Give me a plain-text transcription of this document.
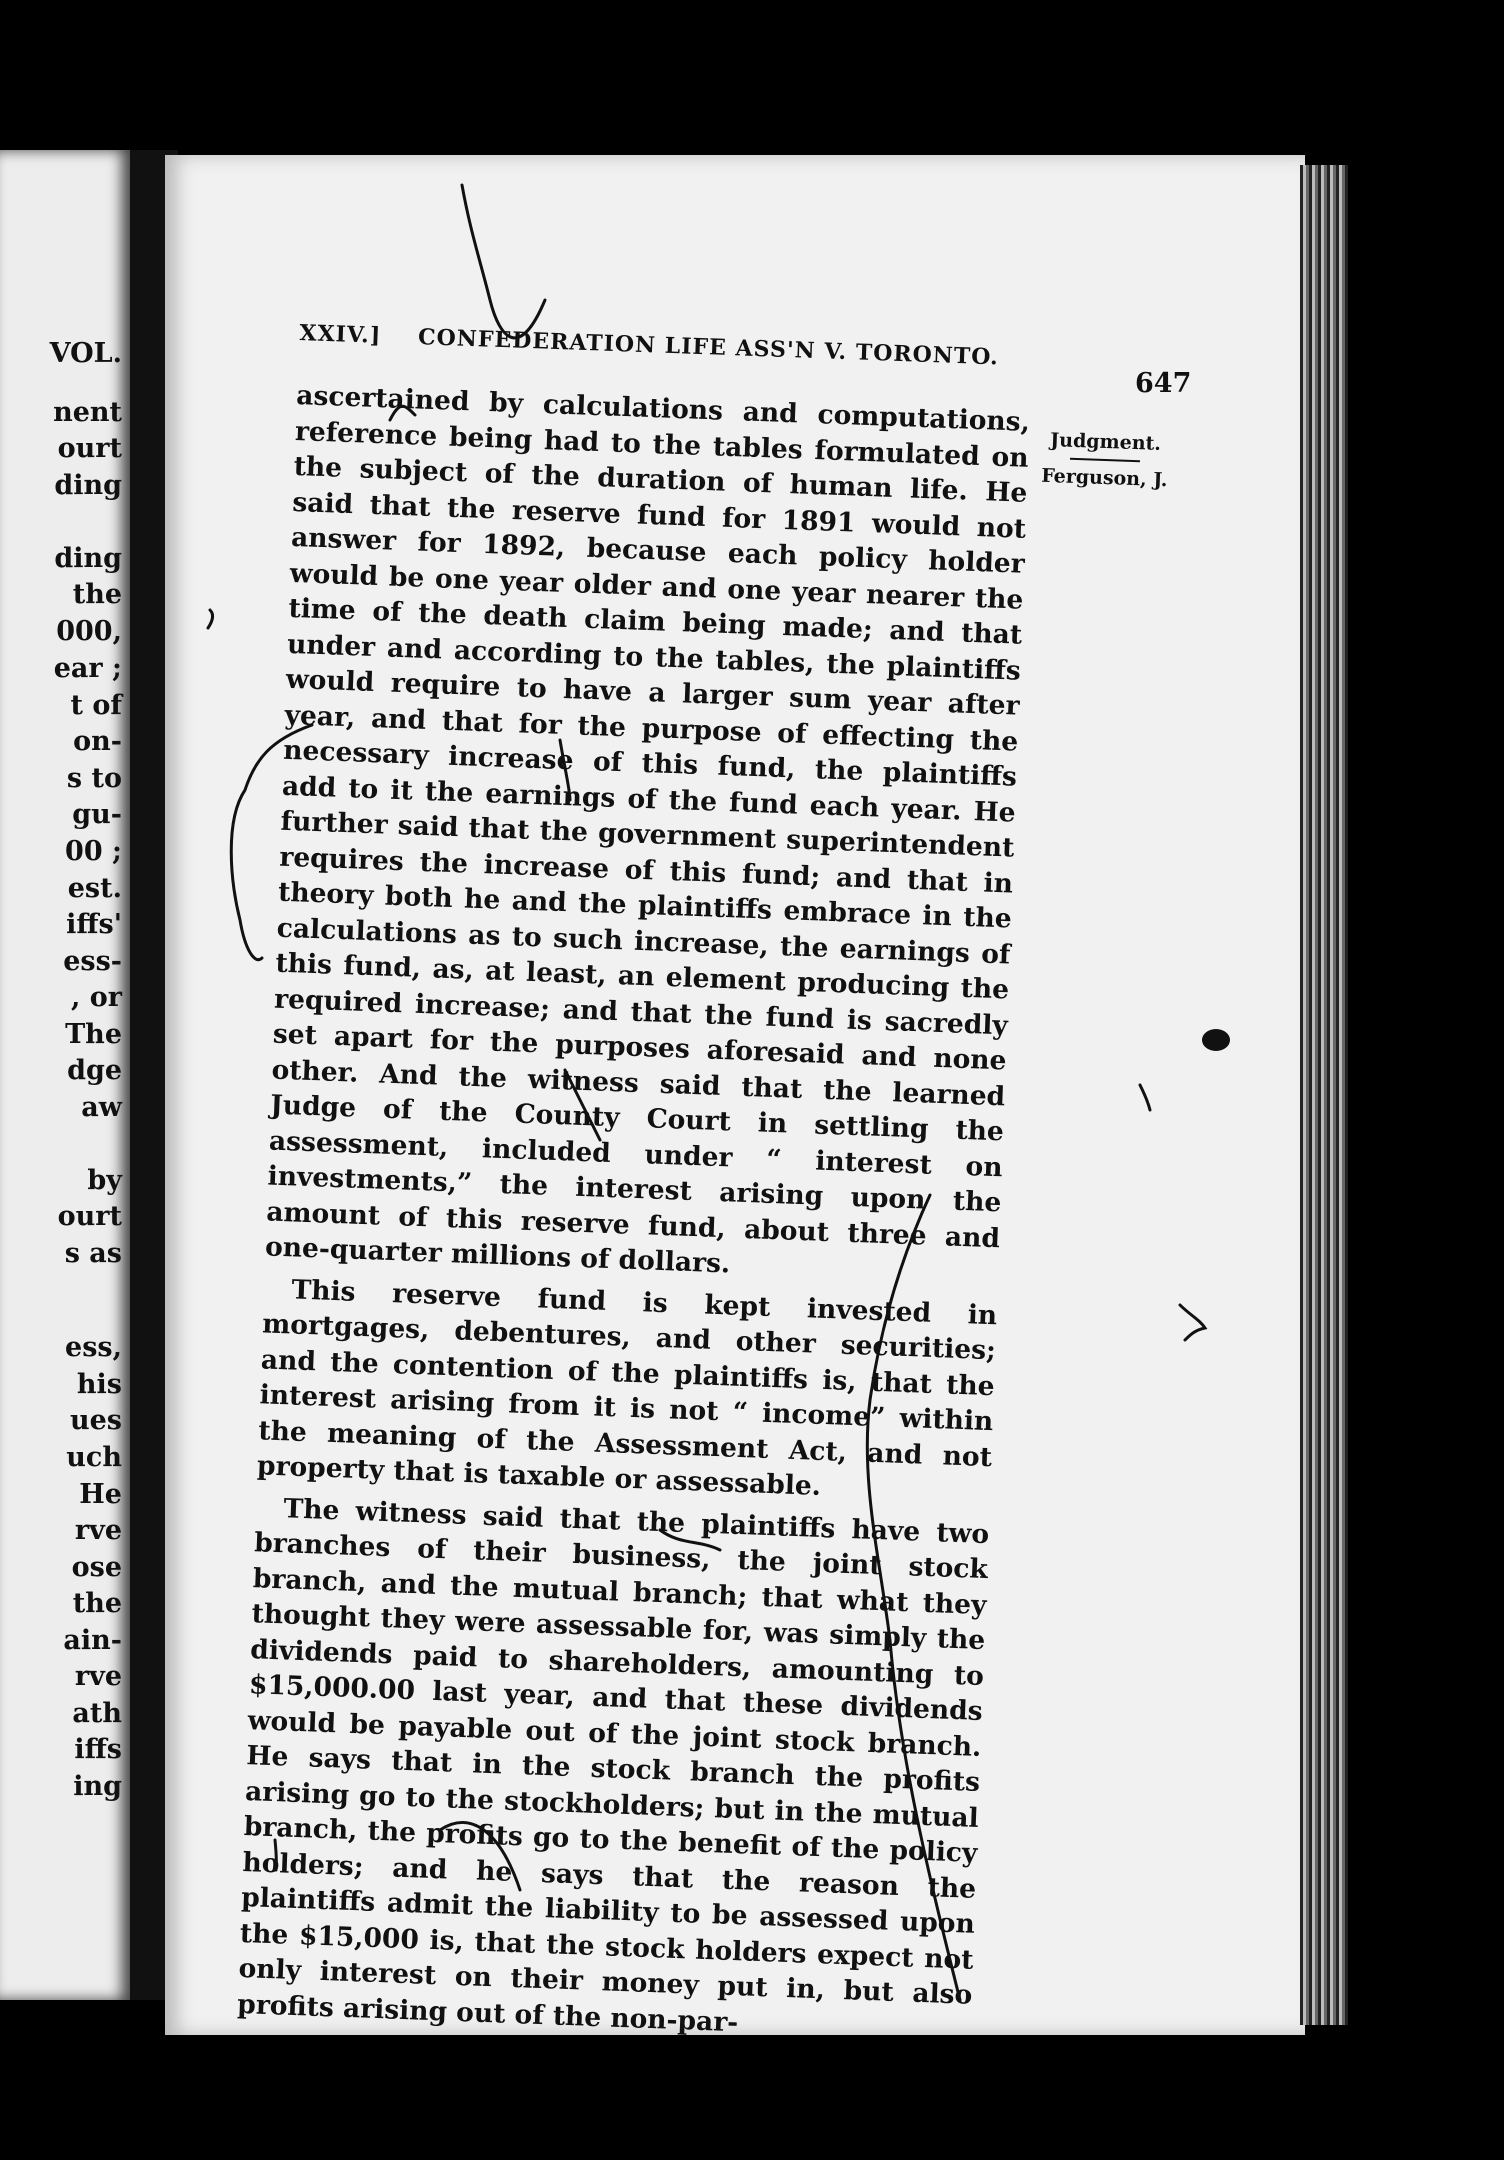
VOL.
nent
ourt
ding
ding
the
000,
ear ;
t of
on-
s to
gu-
00 ;
est.
iffs'
ess-
, or
The
dge
aw
by
ourt
s as
ess,
his
ues
uch
He
rve
ose
the
ain-
rve
ath
iffs
ing
XXIV.] CONFEDERATION LIFE ASS'N V. TORONTO.
647
Judgment.
Ferguson, J.

ascertained by calculations and computations, reference being had to the tables formulated on the subject of the duration of human life. He said that the reserve fund for 1891 would not answer for 1892, because each policy holder would be one year older and one year nearer the time of the death claim being made; and that under and according to the tables, the plaintiffs would require to have a larger sum year after year, and that for the purpose of effecting the necessary increase of this fund, the plaintiffs add to it the earnings of the fund each year. He further said that the government superintendent requires the increase of this fund; and that in theory both he and the plaintiffs embrace in the calculations as to such increase, the earnings of this fund, as, at least, an element producing the required increase; and that the fund is sacredly set apart for the purposes aforesaid and none other. And the witness said that the learned Judge of the County Court in settling the assessment, included under “ interest on investments,” the interest arising upon the amount of this reserve fund, about three and one-quarter millions of dollars.

This reserve fund is kept invested in mortgages, debentures, and other securities; and the contention of the plaintiffs is, that the interest arising from it is not “ income” within the meaning of the Assessment Act, and not property that is taxable or assessable.

The witness said that the plaintiffs have two branches of their business, the joint stock branch, and the mutual branch; that what they thought they were assessable for, was simply the dividends paid to shareholders, amounting to $15,000.00 last year, and that these dividends would be payable out of the joint stock branch. He says that in the stock branch the profits arising go to the stockholders; but in the mutual branch, the profits go to the benefit of the policy holders; and he says that the reason the plaintiffs admit the liability to be assessed upon the $15,000 is, that the stock holders expect not only interest on their money put in, but also profits arising out of the non-par-
